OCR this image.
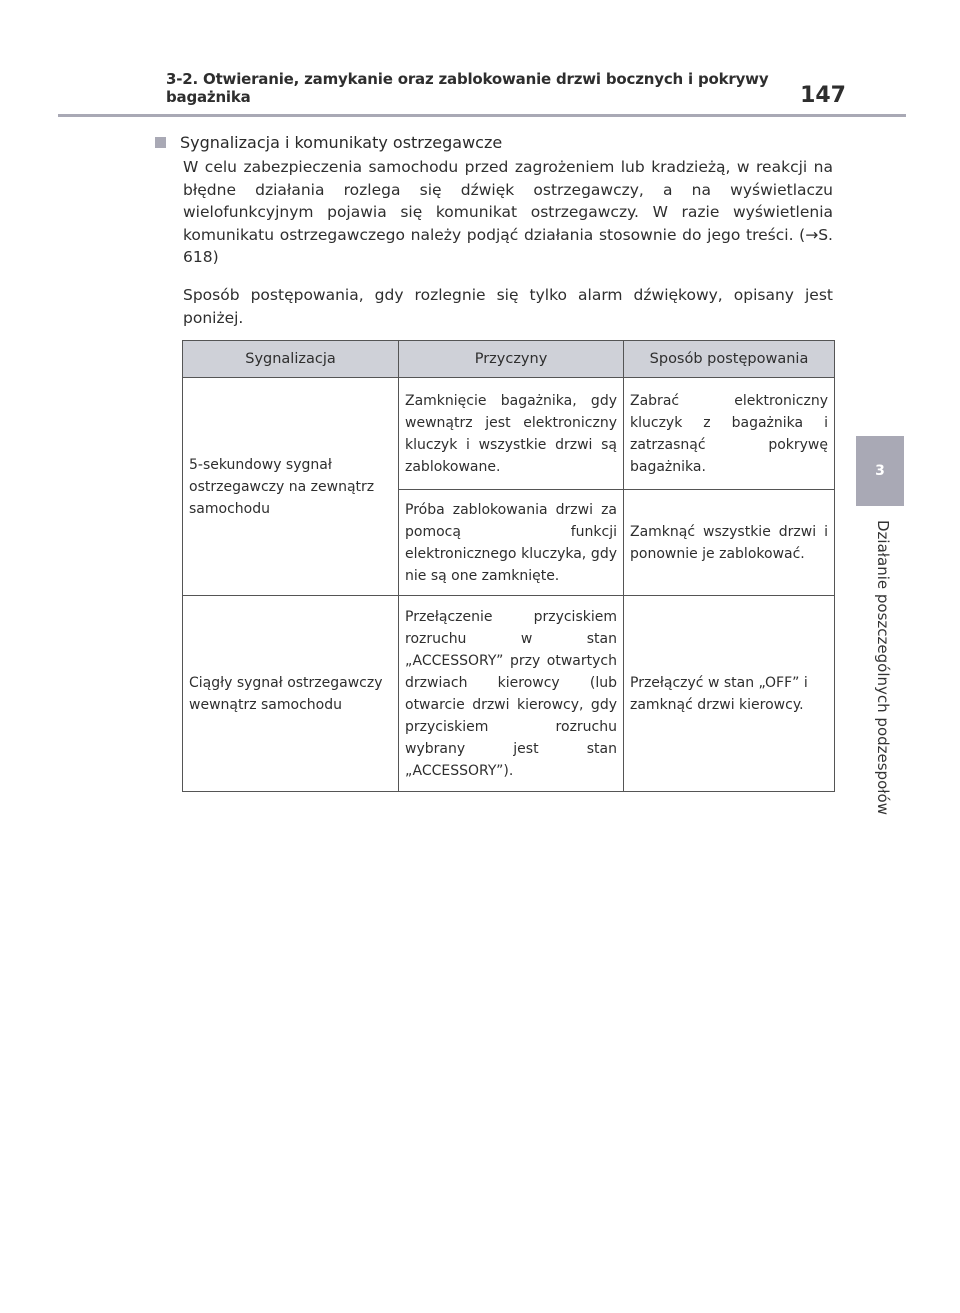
3-2. Otwieranie, zamykanie oraz zablokowanie drzwi bocznych i pokrywy bagażnika	147
3
Działanie poszczególnych podzespołów
Sygnalizacja i komunikaty ostrzegawcze
W celu zabezpieczenia samochodu przed zagrożeniem lub kradzieżą, w reakcji na błędne działania rozlega się dźwięk ostrzegawczy, a na wyświetlaczu wielofunkcyjnym pojawia się komunikat ostrzegawczy. W razie wyświetlenia komunikatu ostrzegawczego należy podjąć działania stosownie do jego treści. (→S. 618)
Sposób postępowania, gdy rozlegnie się tylko alarm dźwiękowy, opisany jest poniżej.
Sygnalizacja	Przyczyny	Sposób postępowania
5-sekundowy sygnał ostrzegawczy na zewnątrz samochodu	Zamknięcie bagażnika, gdy wewnątrz jest elektroniczny kluczyk i wszystkie drzwi są zablokowane.	Zabrać elektroniczny kluczyk z bagażnika i zatrzasnąć pokrywę bagażnika.
	Próba zablokowania drzwi za pomocą funkcji elektronicznego kluczyka, gdy nie są one zamknięte.	Zamknąć wszystkie drzwi i ponownie je zablokować.
Ciągły sygnał ostrzegawczy wewnątrz samochodu	Przełączenie przyciskiem rozruchu w stan „ACCESSORY” przy otwartych drzwiach kierowcy (lub otwarcie drzwi kierowcy, gdy przyciskiem rozruchu wybrany jest stan „ACCESSORY”).	Przełączyć w stan „OFF” i zamknąć drzwi kierowcy.
